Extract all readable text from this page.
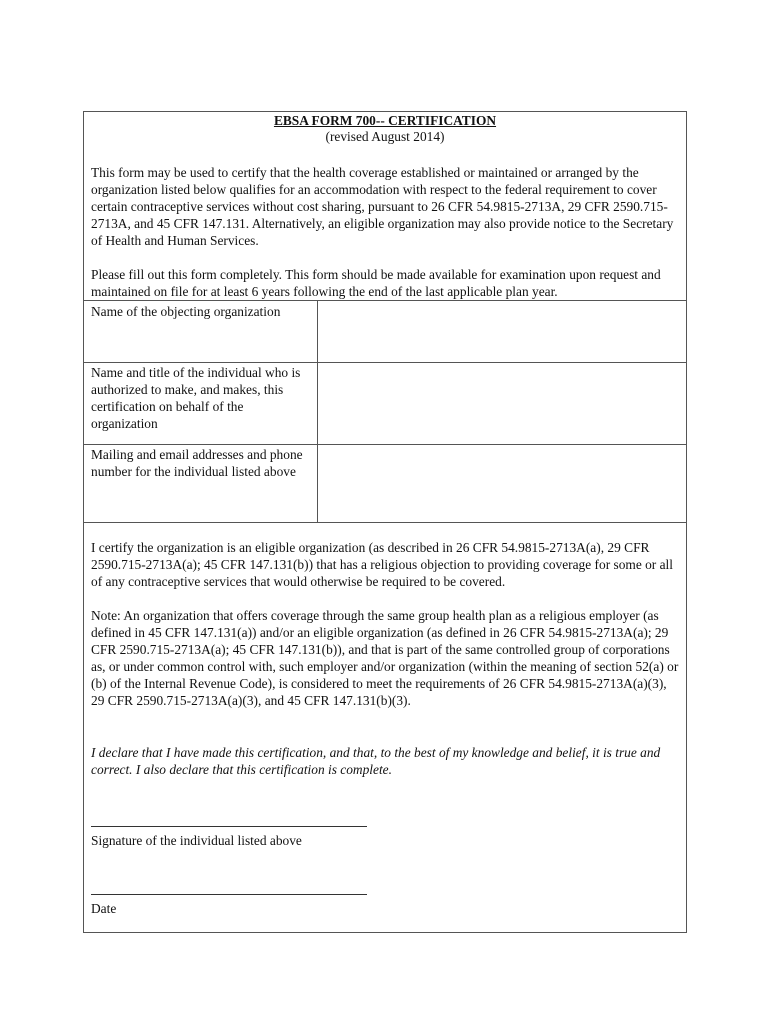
EBSA FORM 700-- CERTIFICATION
(revised August 2014)

This form may be used to certify that the health coverage established or maintained or arranged by the organization listed below qualifies for an accommodation with respect to the federal requirement to cover certain contraceptive services without cost sharing, pursuant to 26 CFR 54.9815-2713A, 29 CFR 2590.715-2713A, and 45 CFR 147.131. Alternatively, an eligible organization may also provide notice to the Secretary of Health and Human Services.

Please fill out this form completely. This form should be made available for examination upon request and maintained on file for at least 6 years following the end of the last applicable plan year.

Name of the objecting organization

Name and title of the individual who is authorized to make, and makes, this certification on behalf of the organization

Mailing and email addresses and phone number for the individual listed above

I certify the organization is an eligible organization (as described in 26 CFR 54.9815-2713A(a), 29 CFR 2590.715-2713A(a); 45 CFR 147.131(b)) that has a religious objection to providing coverage for some or all of any contraceptive services that would otherwise be required to be covered.

Note: An organization that offers coverage through the same group health plan as a religious employer (as defined in 45 CFR 147.131(a)) and/or an eligible organization (as defined in 26 CFR 54.9815-2713A(a); 29 CFR 2590.715-2713A(a); 45 CFR 147.131(b)), and that is part of the same controlled group of corporations as, or under common control with, such employer and/or organization (within the meaning of section 52(a) or (b) of the Internal Revenue Code), is considered to meet the requirements of 26 CFR 54.9815-2713A(a)(3), 29 CFR 2590.715-2713A(a)(3), and 45 CFR 147.131(b)(3).

I declare that I have made this certification, and that, to the best of my knowledge and belief, it is true and correct. I also declare that this certification is complete.

Signature of the individual listed above
Date
